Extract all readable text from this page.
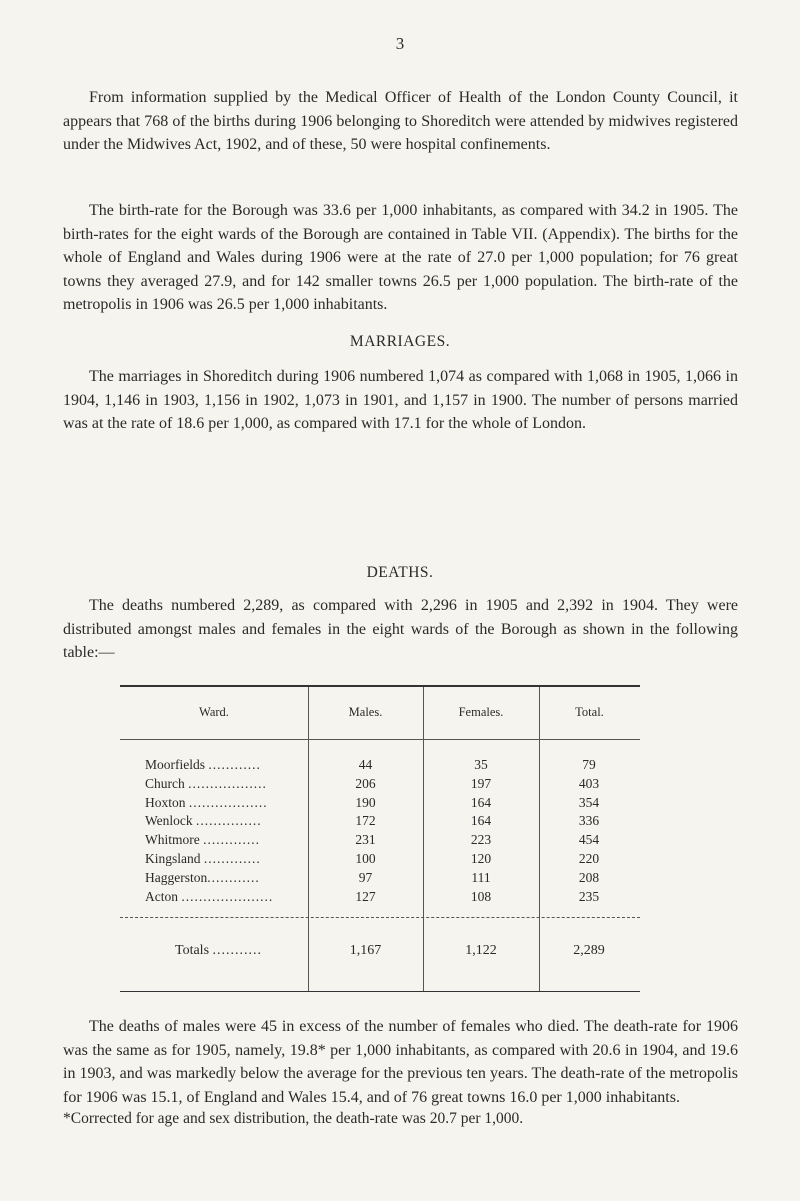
3

From information supplied by the Medical Officer of Health of the London County Council, it appears that 768 of the births during 1906 belonging to Shoreditch were attended by midwives registered under the Midwives Act, 1902, and of these, 50 were hospital confinements.

The birth-rate for the Borough was 33.6 per 1,000 inhabitants, as compared with 34.2 in 1905. The birth-rates for the eight wards of the Borough are contained in Table VII. (Appendix). The births for the whole of England and Wales during 1906 were at the rate of 27.0 per 1,000 population; for 76 great towns they averaged 27.9, and for 142 smaller towns 26.5 per 1,000 population. The birth-rate of the metropolis in 1906 was 26.5 per 1,000 inhabitants.

MARRIAGES.

The marriages in Shoreditch during 1906 numbered 1,074 as compared with 1,068 in 1905, 1,066 in 1904, 1,146 in 1903, 1,156 in 1902, 1,073 in 1901, and 1,157 in 1900. The number of persons married was at the rate of 18.6 per 1,000, as compared with 17.1 for the whole of London.

DEATHS.

The deaths numbered 2,289, as compared with 2,296 in 1905 and 2,392 in 1904. They were distributed amongst males and females in the eight wards of the Borough as shown in the following table:—

Ward.	Males.	Females.	Total.
Moorfields ............	44	35	79
Church ..................	206	197	403
Hoxton ..................	190	164	354
Wenlock ...............	172	164	336
Whitmore .............	231	223	454
Kingsland .............	100	120	220
Haggerston............	97	111	208
Acton .....................	127	108	235
Totals ...........	1,167	1,122	2,289

The deaths of males were 45 in excess of the number of females who died. The death-rate for 1906 was the same as for 1905, namely, 19.8* per 1,000 inhabitants, as compared with 20.6 in 1904, and 19.6 in 1903, and was markedly below the average for the previous ten years. The death-rate of the metropolis for 1906 was 15.1, of England and Wales 15.4, and of 76 great towns 16.0 per 1,000 inhabitants.

*Corrected for age and sex distribution, the death-rate was 20.7 per 1,000.
